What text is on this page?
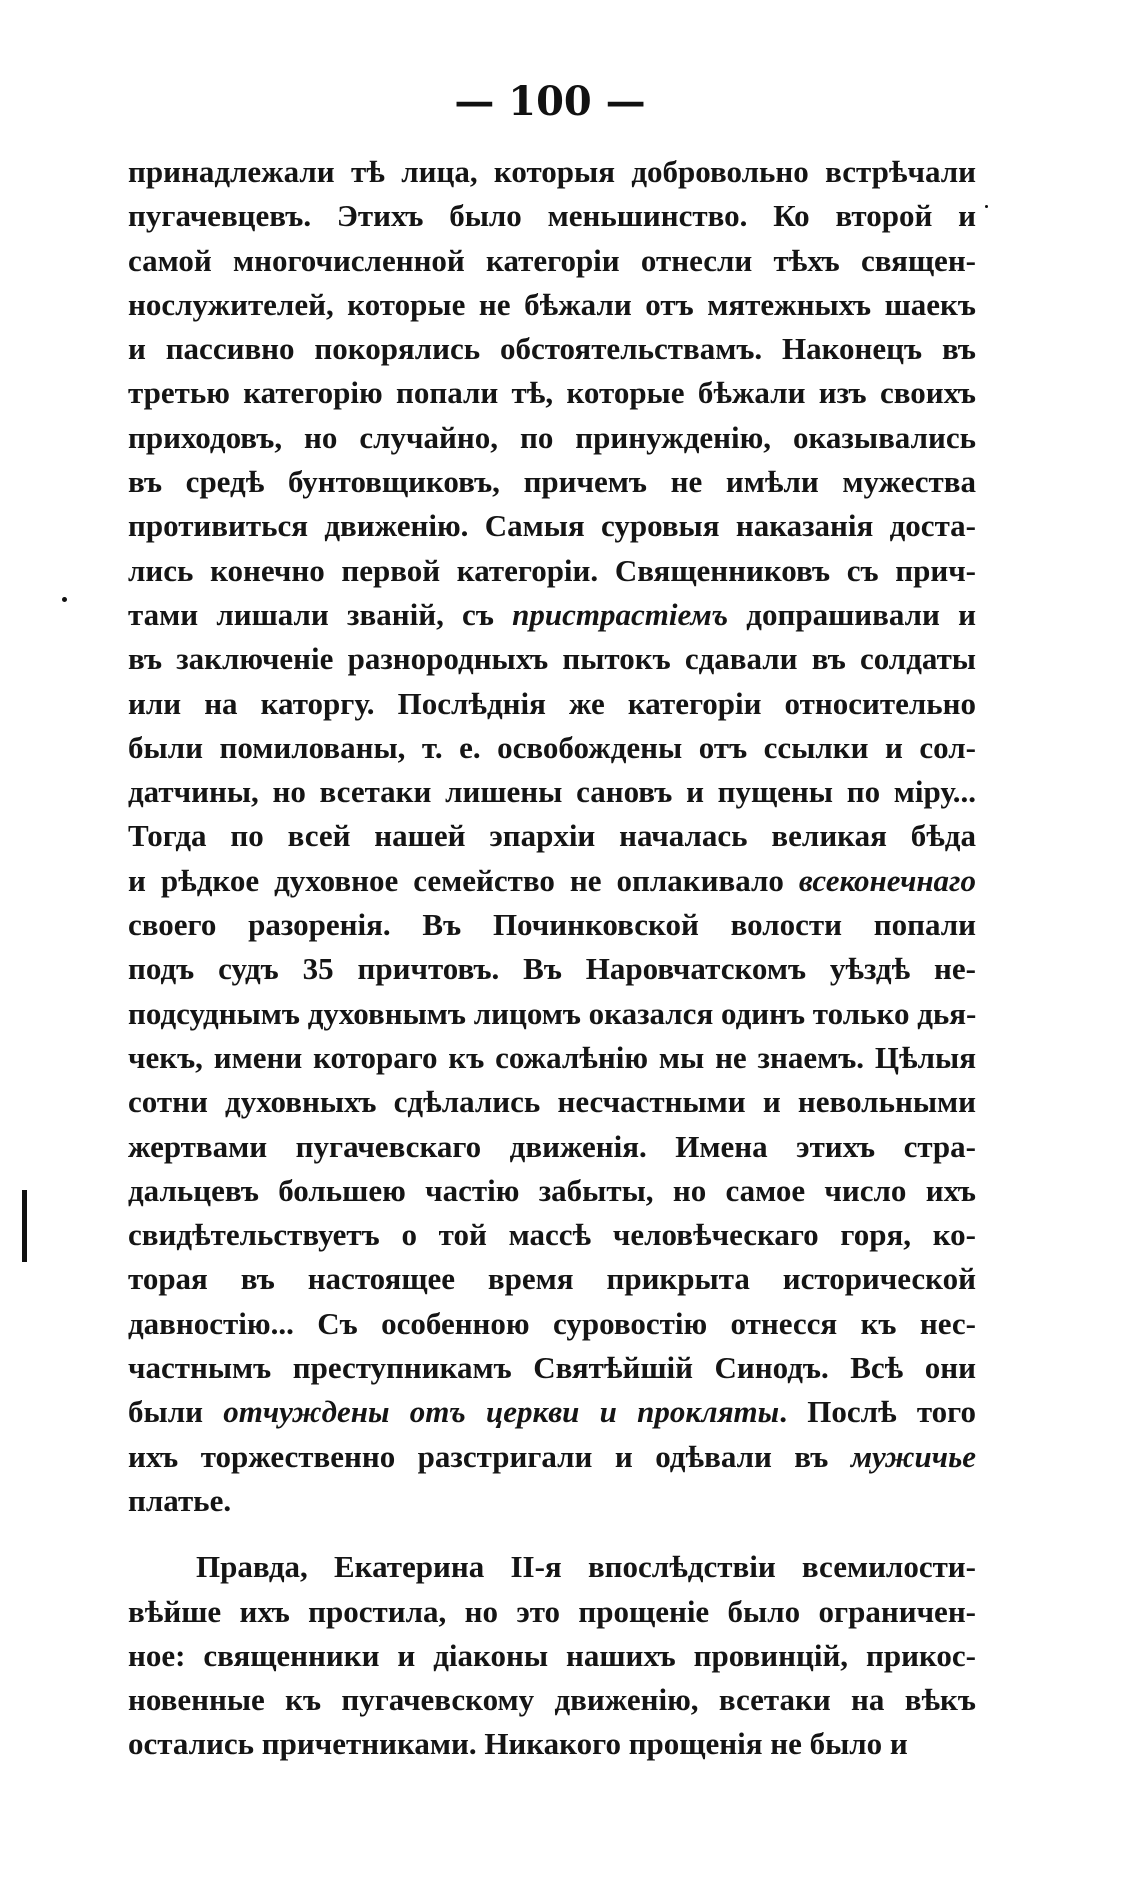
— 100 —
принадлежали тѣ лица, которыя добровольно встрѣчали
пугачевцевъ. Этихъ было меньшинство. Ко второй и
самой многочисленной категоріи отнесли тѣхъ священ-
нослужителей, которые не бѣжали отъ мятежныхъ шаекъ
и пассивно покорялись обстоятельствамъ. Наконецъ въ
третью категорію попали тѣ, которые бѣжали изъ своихъ
приходовъ, но случайно, по принужденію, оказывались
въ средѣ бунтовщиковъ, причемъ не имѣли мужества
противиться движенію. Самыя суровыя наказанія доста-
лись конечно первой категоріи. Священниковъ съ прич-
тами лишали званій, съ пристрастіемъ допрашивали и
въ заключеніе разнородныхъ пытокъ сдавали въ солдаты
или на каторгу. Послѣднія же категоріи относительно
были помилованы, т. е. освобождены отъ ссылки и сол-
датчины, но всетаки лишены сановъ и пущены по міру...
Тогда по всей нашей эпархіи началась великая бѣда
и рѣдкое духовное семейство не оплакивало всеконечнаго
своего разоренія. Въ Починковской волости попали
подъ судъ 35 причтовъ. Въ Наровчатскомъ уѣздѣ не-
подсуднымъ духовнымъ лицомъ оказался одинъ только дья-
чекъ, имени котораго къ сожалѣнію мы не знаемъ. Цѣлыя
сотни духовныхъ сдѣлались несчастными и невольными
жертвами пугачевскаго движенія. Имена этихъ стра-
дальцевъ большею частію забыты, но самое число ихъ
свидѣтельствуетъ о той массѣ человѣческаго горя, ко-
торая въ настоящее время прикрыта исторической
давностію... Съ особенною суровостію отнесся къ нес-
частнымъ преступникамъ Святѣйшій Синодъ. Всѣ они
были отчуждены отъ церкви и прокляты. Послѣ того
ихъ торжественно разстригали и одѣвали въ мужичье
платье.
Правда, Екатерина II-я впослѣдствіи всемилости-
вѣйше ихъ простила, но это прощеніе было ограничен-
ное: священники и діаконы нашихъ провинцій, прикос-
новенные къ пугачевскому движенію, всетаки на вѣкъ
остались причетниками. Никакого прощенія не было и
